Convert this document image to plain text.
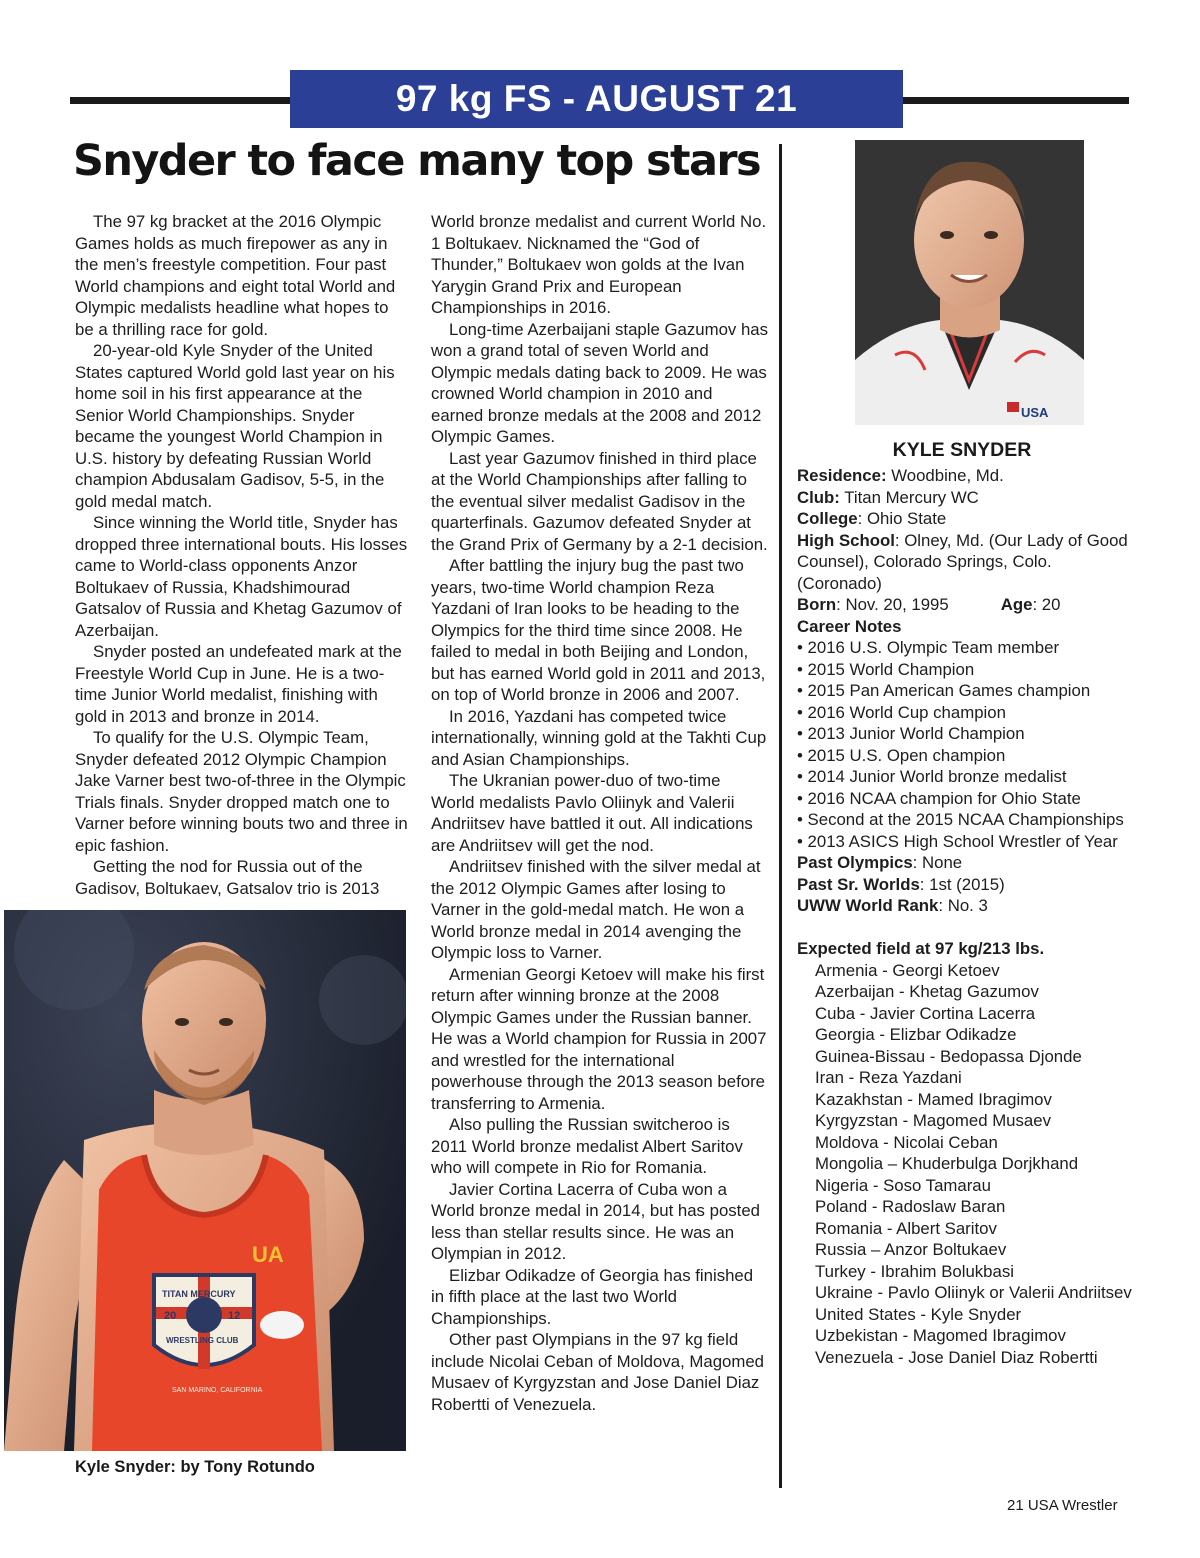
97 kg FS - AUGUST 21
Snyder to face many top stars

The 97 kg bracket at the 2016 Olympic Games holds as much firepower as any in the men’s freestyle competition. Four past World champions and eight total World and Olympic medalists headline what hopes to be a thrilling race for gold.

20-year-old Kyle Snyder of the United States captured World gold last year on his home soil in his first appearance at the Senior World Championships. Snyder became the youngest World Champion in U.S. history by defeating Russian World champion Abdusalam Gadisov, 5-5, in the gold medal match.

Since winning the World title, Snyder has dropped three international bouts. His losses came to World-class opponents Anzor Boltukaev of Russia, Khadshimourad Gatsalov of Russia and Khetag Gazumov of Azerbaijan.

Snyder posted an undefeated mark at the Freestyle World Cup in June. He is a two-time Junior World medalist, finishing with gold in 2013 and bronze in 2014.

To qualify for the U.S. Olympic Team, Snyder defeated 2012 Olympic Champion Jake Varner best two-of-three in the Olympic Trials finals. Snyder dropped match one to Varner before winning bouts two and three in epic fashion.

Getting the nod for Russia out of the Gadisov, Boltukaev, Gatsalov trio is 2013

World bronze medalist and current World No. 1 Boltukaev. Nicknamed the “God of Thunder,” Boltukaev won golds at the Ivan Yarygin Grand Prix and European Championships in 2016.

Long-time Azerbaijani staple Gazumov has won a grand total of seven World and Olympic medals dating back to 2009. He was crowned World champion in 2010 and earned bronze medals at the 2008 and 2012 Olympic Games.

Last year Gazumov finished in third place at the World Championships after falling to the eventual silver medalist Gadisov in the quarterfinals. Gazumov defeated Snyder at the Grand Prix of Germany by a 2-1 decision.

After battling the injury bug the past two years, two-time World champion Reza Yazdani of Iran looks to be heading to the Olympics for the third time since 2008. He failed to medal in both Beijing and London, but has earned World gold in 2011 and 2013, on top of World bronze in 2006 and 2007.

In 2016, Yazdani has competed twice internationally, winning gold at the Takhti Cup and Asian Championships.

The Ukranian power-duo of two-time World medalists Pavlo Oliinyk and Valerii Andriitsev have battled it out. All indications are Andriitsev will get the nod.

Andriitsev finished with the silver medal at the 2012 Olympic Games after losing to Varner in the gold-medal match. He won a World bronze medal in 2014 avenging the Olympic loss to Varner.

Armenian Georgi Ketoev will make his first return after winning bronze at the 2008 Olympic Games under the Russian banner. He was a World champion for Russia in 2007 and wrestled for the international powerhouse through the 2013 season before transferring to Armenia.

Also pulling the Russian switcheroo is 2011 World bronze medalist Albert Saritov who will compete in Rio for Romania.

Javier Cortina Lacerra of Cuba won a World bronze medal in 2014, but has posted less than stellar results since. He was an Olympian in 2012.

Elizbar Odikadze of Georgia has finished in fifth place at the last two World Championships.

Other past Olympians in the 97 kg field include Nicolai Ceban of Moldova, Magomed Musaev of Kyrgyzstan and Jose Daniel Diaz Robertti of Venezuela.

UA
TITAN MERCURY
20	12
WRESTLING CLUB
SAN MARINO, CALIFORNIA
Kyle Snyder: by Tony Rotundo
USA
KYLE SNYDER
Residence: Woodbine, Md.
Club: Titan Mercury WC
College: Ohio State
High School: Olney, Md. (Our Lady of Good Counsel), Colorado Springs, Colo. (Coronado)
Born: Nov. 20, 1995	Age: 20
Career Notes
• 2016 U.S. Olympic Team member
• 2015 World Champion
• 2015 Pan American Games champion
• 2016 World Cup champion
• 2013 Junior World Champion
• 2015 U.S. Open champion
• 2014 Junior World bronze medalist
• 2016 NCAA champion for Ohio State
• Second at the 2015 NCAA Championships
• 2013 ASICS High School Wrestler of Year
Past Olympics: None
Past Sr. Worlds: 1st (2015)
UWW World Rank: No. 3
Expected field at 97 kg/213 lbs.
Armenia - Georgi Ketoev
Azerbaijan - Khetag Gazumov
Cuba - Javier Cortina Lacerra
Georgia - Elizbar Odikadze
Guinea-Bissau - Bedopassa Djonde
Iran - Reza Yazdani
Kazakhstan - Mamed Ibragimov
Kyrgyzstan - Magomed Musaev
Moldova - Nicolai Ceban
Mongolia – Khuderbulga Dorjkhand
Nigeria - Soso Tamarau
Poland - Radoslaw Baran
Romania - Albert Saritov
Russia – Anzor Boltukaev
Turkey - Ibrahim Bolukbasi
Ukraine - Pavlo Oliinyk or Valerii Andriitsev
United States - Kyle Snyder
Uzbekistan - Magomed Ibragimov
Venezuela - Jose Daniel Diaz Robertti
21 USA Wrestler
